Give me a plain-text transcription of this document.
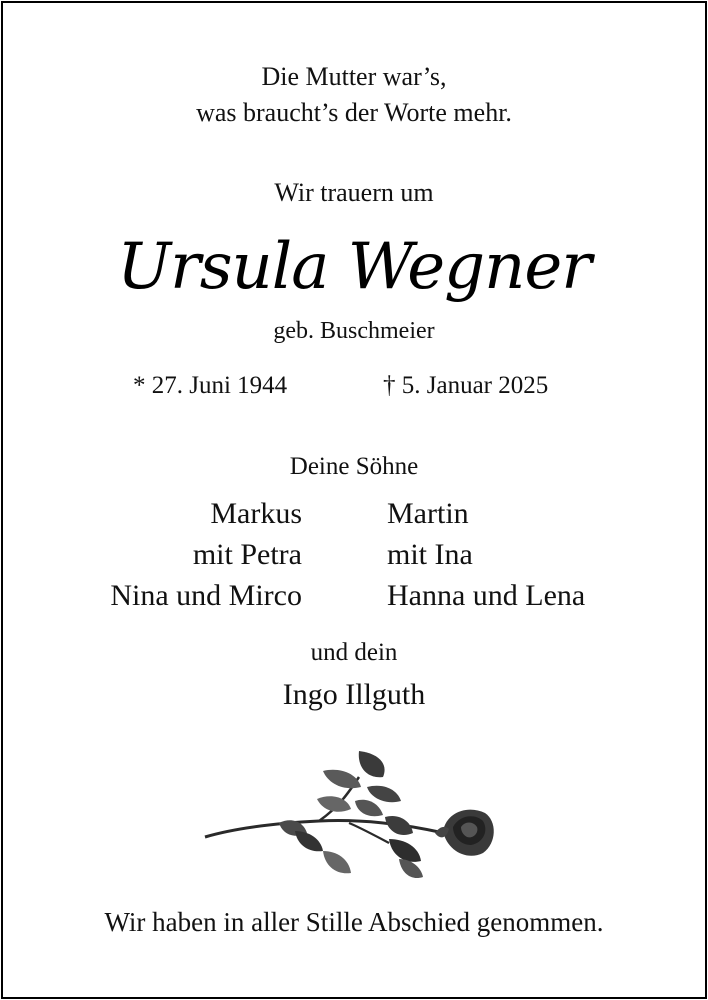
Die Mutter war’s,
was braucht’s der Worte mehr.
Wir trauern um
Ursula Wegner
geb. Buschmeier
* 27. Juni 1944	† 5. Januar 2025
Deine Söhne
Markus
mit Petra
Nina und Mirco
Martin
mit Ina
Hanna und Lena
und dein
Ingo Illguth
Wir haben in aller Stille Abschied genommen.
